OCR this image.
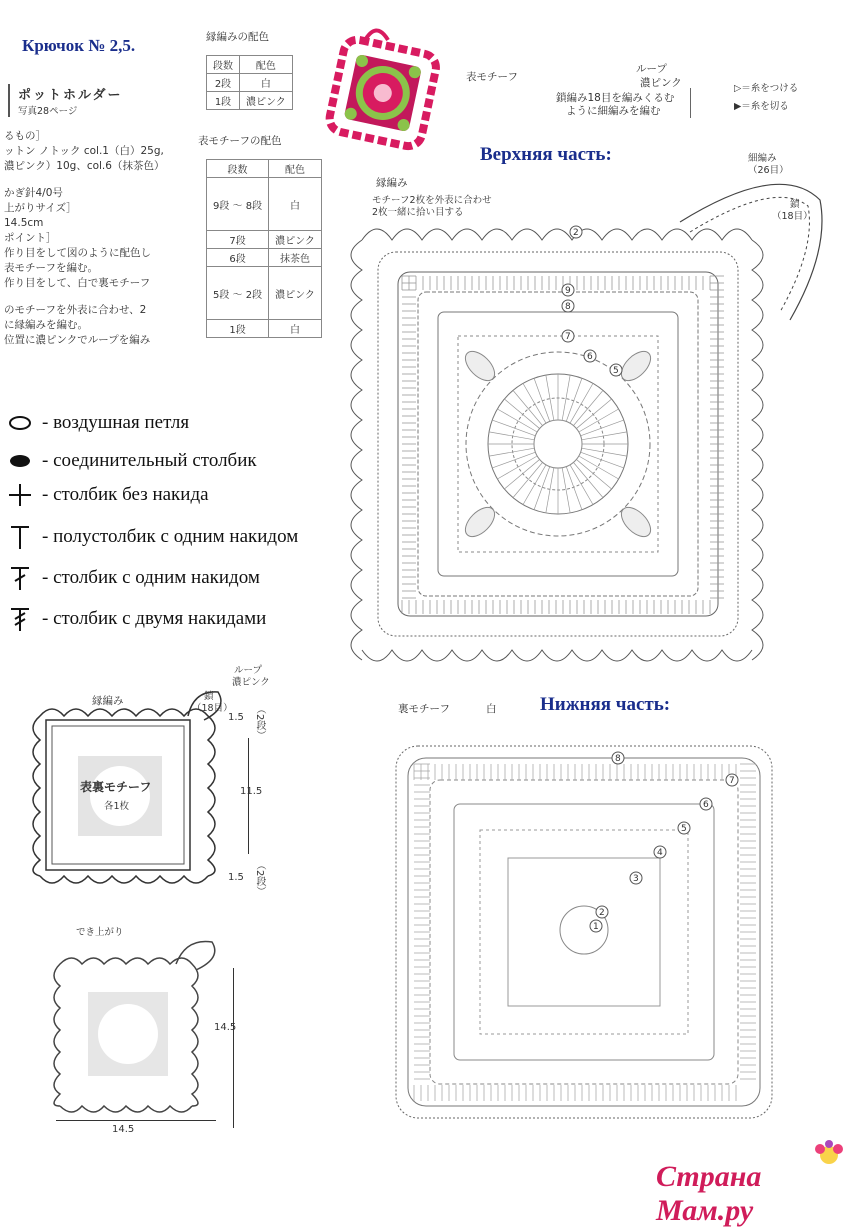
Крючок № 2,5.
ポットホルダー
写真28ページ
るもの］
ットン ノトック col.1（白）25g,
濃ピンク）10g、col.6（抹茶色）
かぎ針4/0号
上がりサイズ］
14.5cm
ポイント］
作り目をして図のように配色し
表モチーフを編む。
作り目をして、白で裏モチーフ
のモチーフを外表に合わせ、2
に縁編みを編む。
位置に濃ピンクでループを編み
縁編みの配色
段数	配色
2段	白
1段	濃ピンク
表モチーフの配色
段数	配色
9段 〜 8段	白
7段	濃ピンク
6段	抹茶色
5段 〜 2段	濃ピンク
1段	白
表モチーフ
ループ
濃ピンク
鎖編み18目を編みくるむ
ように細編みを編む
▷＝糸をつける
▶＝糸を切る
Верхняя часть:	細編み
（26目）
鎖
（18目）
縁編み
モチーフ2枚を外表に合わせ
2枚一緒に拾い目する
2
9
8
7
6
5
- воздушная петля
- соединительный столбик
- столбик без накида
- полустолбик с одним накидом
- столбик с одним накидом
- столбик с двумя накидами
縁編み
ループ
濃ピンク
鎖
（18目）
表裏モチーフ
各1枚
1.5 （2段）
11.5
1.5 （2段）
でき上がり
14.5
14.5
裏モチーフ	白 Нижняя часть:
8
7
6
5
4
3
2
1
Страна Мам.ру
